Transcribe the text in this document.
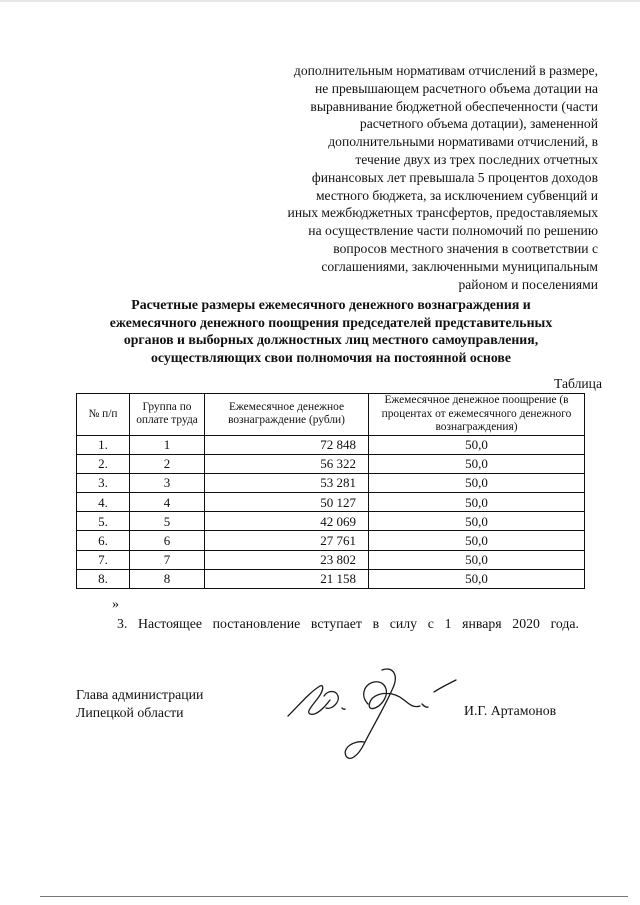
дополнительным нормативам отчислений в размере,
не превышающем расчетного объема дотации на
выравнивание бюджетной обеспеченности (части
расчетного объема дотации), замененной
дополнительными нормативами отчислений, в
течение двух из трех последних отчетных
финансовых лет превышала 5 процентов доходов
местного бюджета, за исключением субвенций и
иных межбюджетных трансфертов, предоставляемых
на осуществление части полномочий по решению
вопросов местного значения в соответствии с
соглашениями, заключенными муниципальным
районом и поселениями
Расчетные размеры ежемесячного денежного вознаграждения и
ежемесячного денежного поощрения председателей представительных
органов и выборных должностных лиц местного самоуправления,
осуществляющих свои полномочия на постоянной основе
Таблица
№ п/п	Группа по оплате труда	Ежемесячное денежное вознаграждение (рубли)	Ежемесячное денежное поощрение (в процентах от ежемесячного денежного вознаграждения)
1.	1	72 848	50,0
2.	2	56 322	50,0
3.	3	53 281	50,0
4.	4	50 127	50,0
5.	5	42 069	50,0
6.	6	27 761	50,0
7.	7	23 802	50,0
8.	8	21 158	50,0
»
3. Настоящее постановление вступает в силу с 1 января 2020 года.
Глава администрации
Липецкой области	И.Г. Артамонов
